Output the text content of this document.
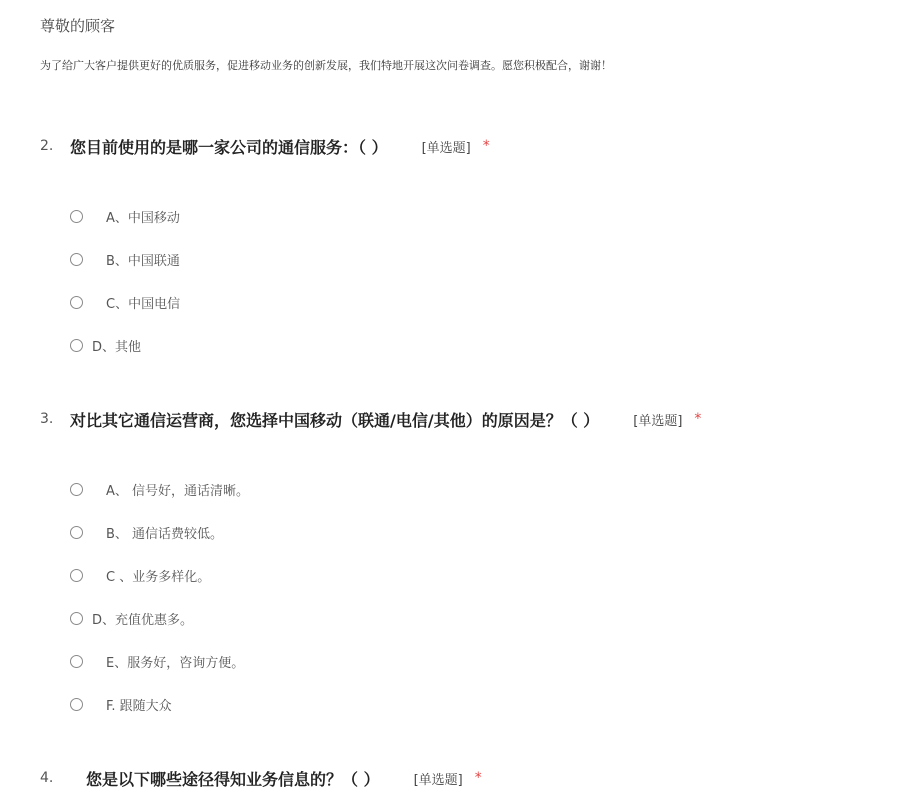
尊敬的顾客
为了给广大客户提供更好的优质服务，促进移动业务的创新发展，我们特地开展这次问卷调查。愿您积极配合，谢谢！
2.	您目前使用的是哪一家公司的通信服务：（ ）	[单选题] *
A、中国移动
B、中国联通
C、中国电信
D、其他
3.	对比其它通信运营商，您选择中国移动（联通/电信/其他）的原因是？（ ）	[单选题] *
A、 信号好，通话清晰。
B、 通信话费较低。
C 、业务多样化。
D、充值优惠多。
E、服务好，咨询方便。
F. 跟随大众
4.	您是以下哪些途径得知业务信息的？（ ）	[单选题] *
